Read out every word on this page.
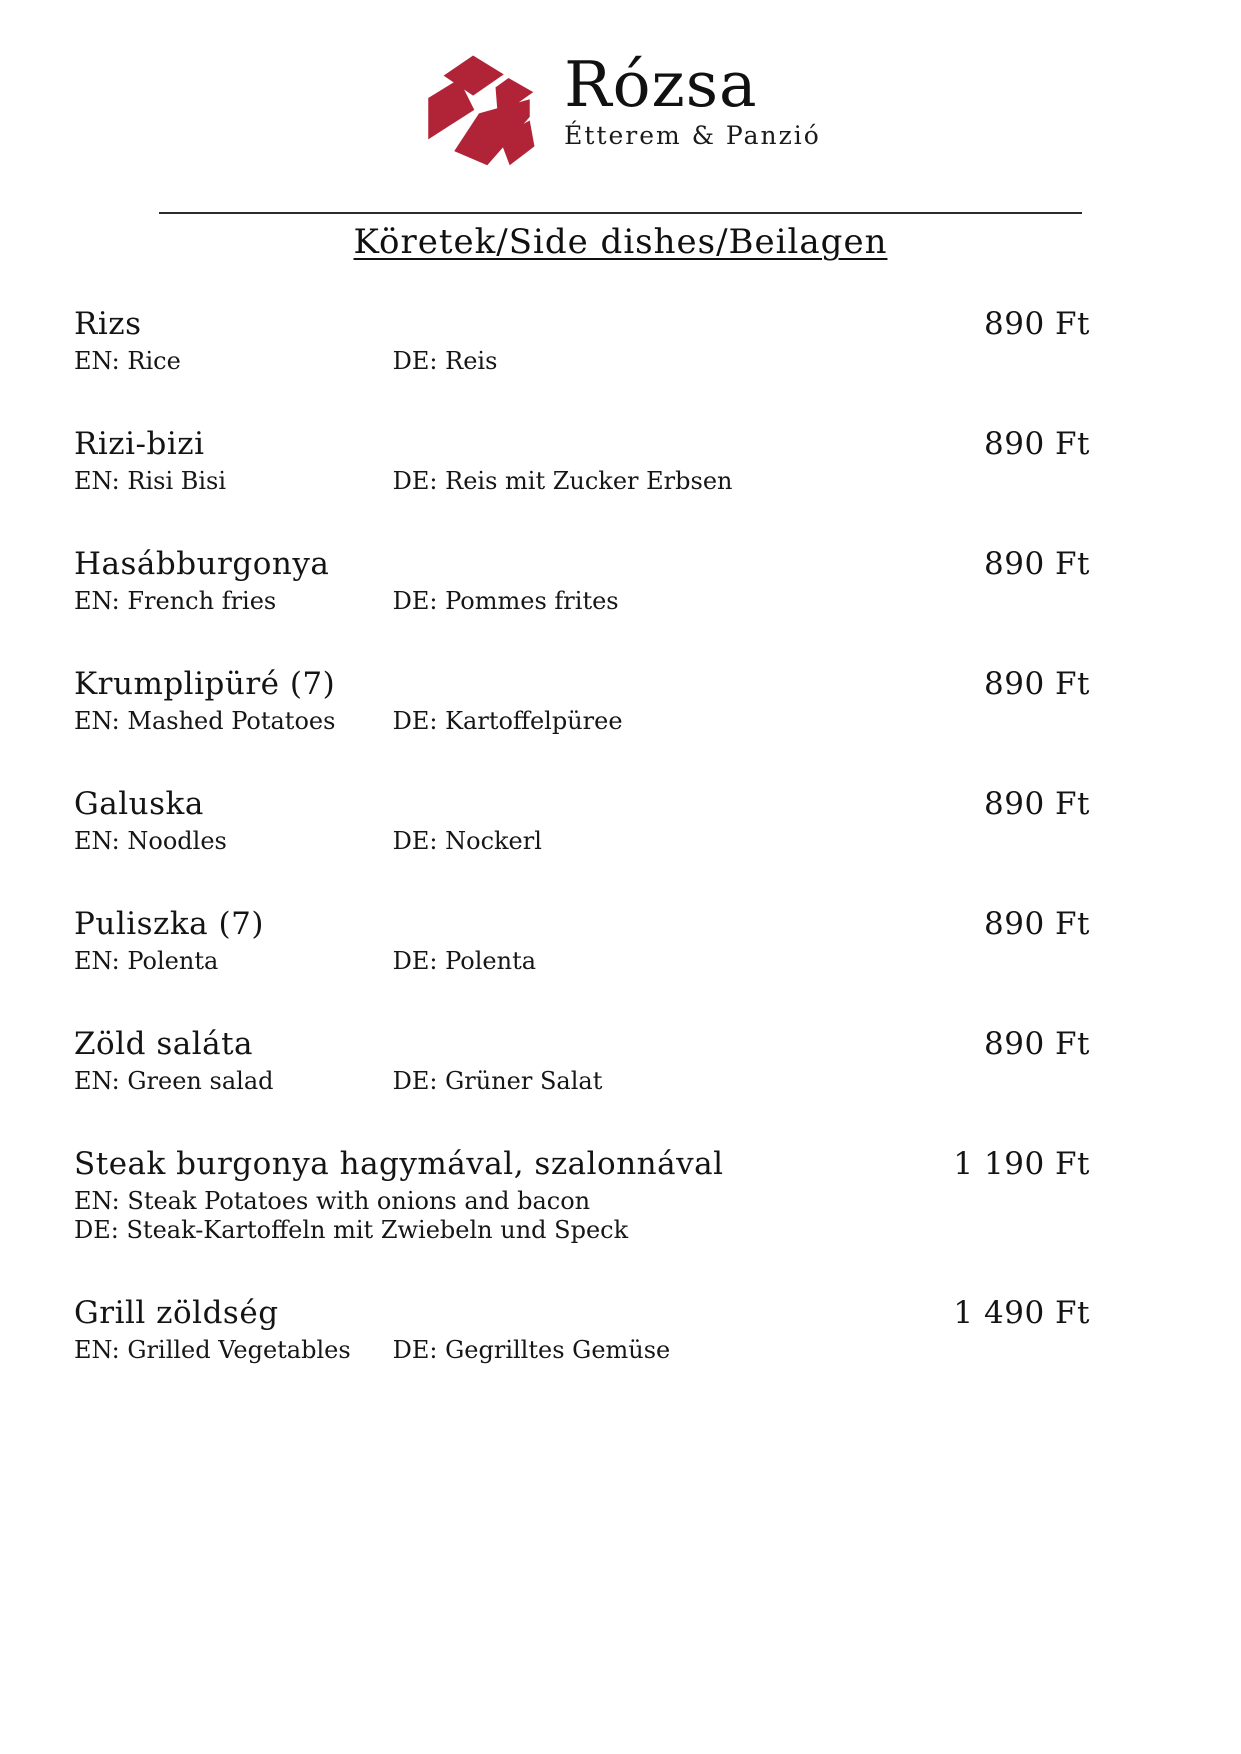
Rózsa
Étterem & Panzió
Köretek/Side dishes/Beilagen
Rizs	890 Ft
EN: Rice	DE: Reis
Rizi-bizi	890 Ft
EN: Risi Bisi	DE: Reis mit Zucker Erbsen
Hasábburgonya	890 Ft
EN: French fries	DE: Pommes frites
Krumplipüré (7)	890 Ft
EN: Mashed Potatoes DE: Kartoffelpüree
Galuska	890 Ft
EN: Noodles	DE: Nockerl
Puliszka (7)	890 Ft
EN: Polenta	DE: Polenta
Zöld saláta	890 Ft
EN: Green salad	DE: Grüner Salat
Steak burgonya hagymával, szalonnával	1 190 Ft
EN: Steak Potatoes with onions and bacon
DE: Steak-Kartoffeln mit Zwiebeln und Speck
Grill zöldség	1 490 Ft
EN: Grilled Vegetables DE: Gegrilltes Gemüse
